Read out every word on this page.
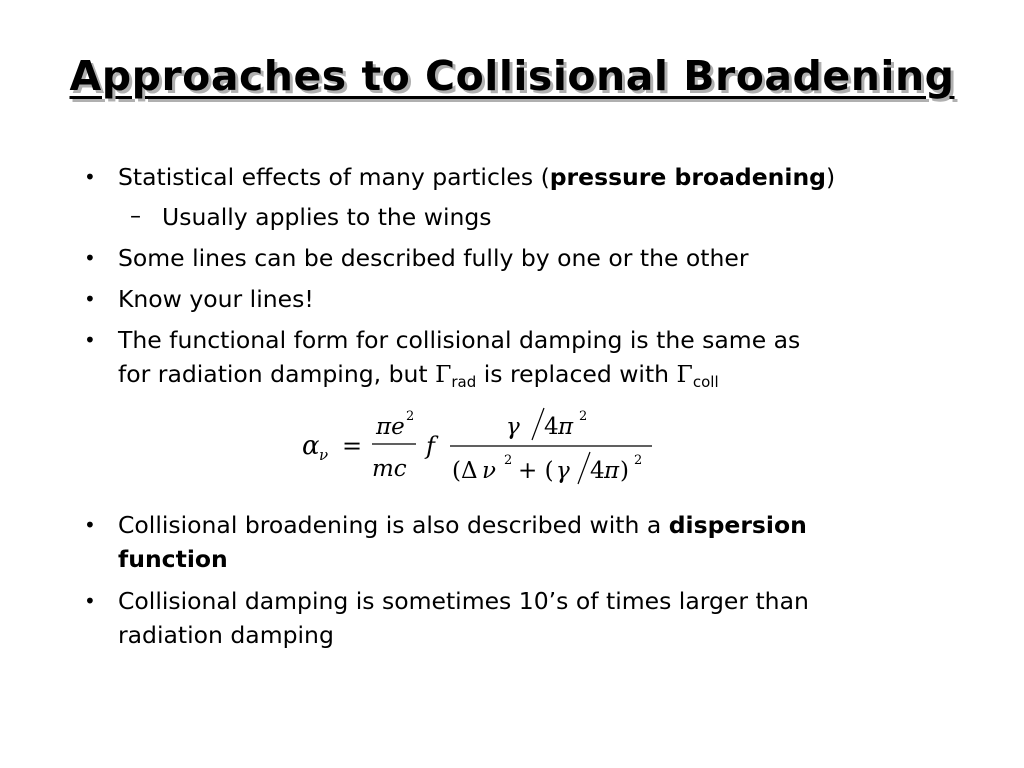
Approaches to Collisional Broadening
• Statistical effects of many particles (pressure broadening)
– Usually applies to the wings
• Some lines can be described fully by one or the other
• Know your lines!
• The functional form for collisional damping is the same as
for radiation damping, but $\Gamma_{rad}$ is replaced with $\Gamma_{coll}$
α ν =
πe 2
mc
f
γ 4 π 2
(Δ ν 2 + ( γ 4 π ) 2
• Collisional broadening is also described with a dispersion
function
• Collisional damping is sometimes 10’s of times larger than
radiation damping
